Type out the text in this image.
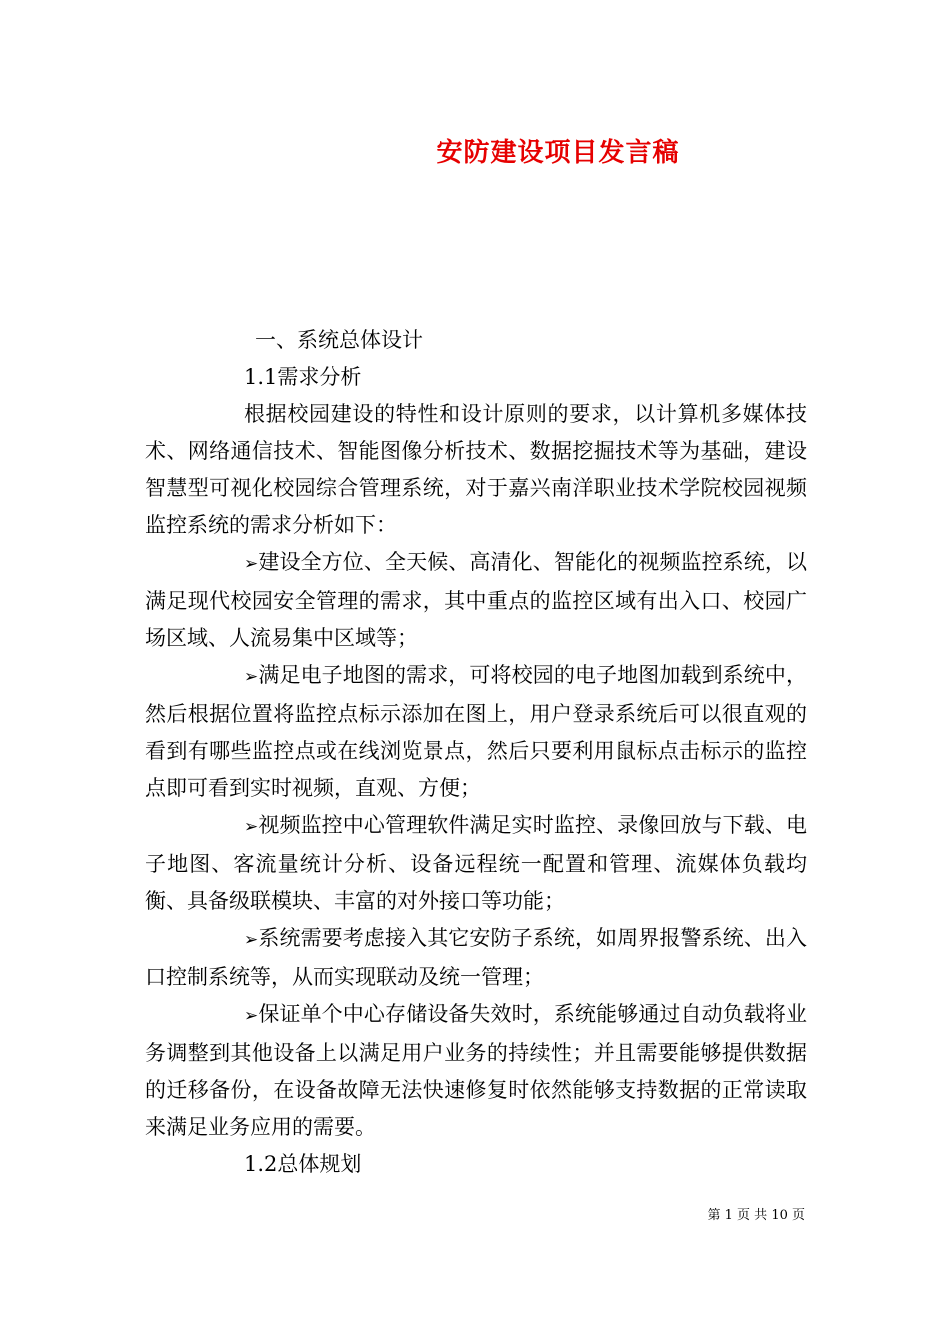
安防建设项目发言稿

一、系统总体设计

1.1需求分析

根据校园建设的特性和设计原则的要求，以计算机多媒体技术、网络通信技术、智能图像分析技术、数据挖掘技术等为基础，建设智慧型可视化校园综合管理系统，对于嘉兴南洋职业技术学院校园视频监控系统的需求分析如下：

➢ 建设全方位、全天候、高清化、智能化的视频监控系统，以满足现代校园安全管理的需求，其中重点的监控区域有出入口、校园广场区域、人流易集中区域等；

➢ 满足电子地图的需求，可将校园的电子地图加载到系统中，然后根据位置将监控点标示添加在图上，用户登录系统后可以很直观的看到有哪些监控点或在线浏览景点，然后只要利用鼠标点击标示的监控点即可看到实时视频，直观、方便；

➢ 视频监控中心管理软件满足实时监控、录像回放与下载、电子地图、客流量统计分析、设备远程统一配置和管理、流媒体负载均衡、具备级联模块、丰富的对外接口等功能；

➢ 系统需要考虑接入其它安防子系统，如周界报警系统、出入口控制系统等，从而实现联动及统一管理；

➢ 保证单个中心存储设备失效时，系统能够通过自动负载将业务调整到其他设备上以满足用户业务的持续性；并且需要能够提供数据的迁移备份，在设备故障无法快速修复时依然能够支持数据的正常读取来满足业务应用的需要。

1.2总体规划

第 1 页 共 10 页
